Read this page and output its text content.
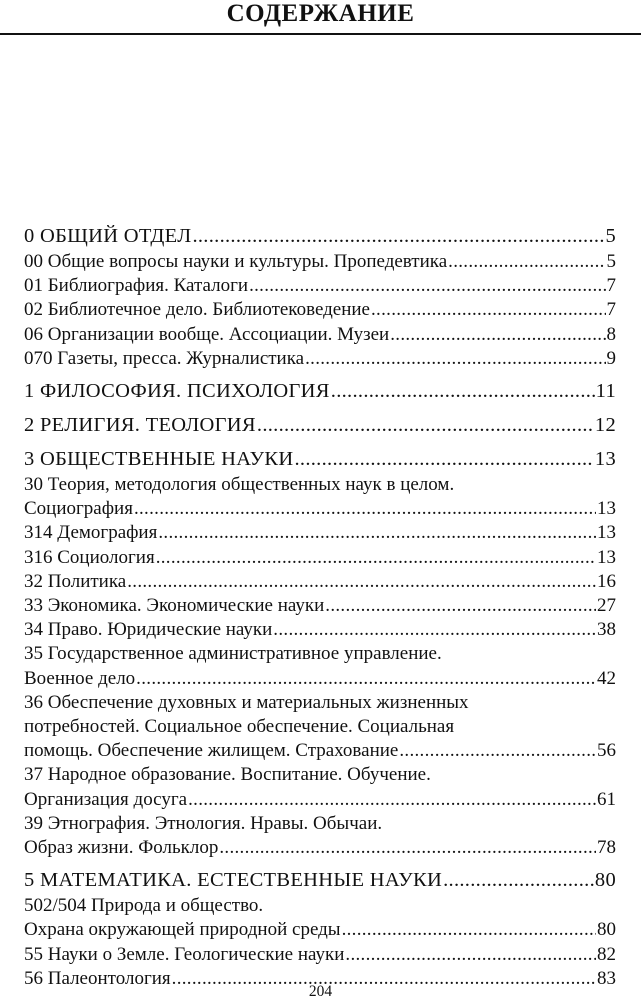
СОДЕРЖАНИЕ
0 ОБЩИЙ ОТДЕЛ .....	5
00 Общие вопросы науки и культуры. Пропедевтика .....	5
01 Библиография. Каталоги .....	7
02 Библиотечное дело. Библиотековедение .....	7
06 Организации вообще. Ассоциации. Музеи .....	8
070 Газеты, пресса. Журналистика .....	9
1 ФИЛОСОФИЯ. ПСИХОЛОГИЯ .....	11
2 РЕЛИГИЯ. ТЕОЛОГИЯ .....	12
3 ОБЩЕСТВЕННЫЕ НАУКИ .....	13
30 Теория, методология общественных наук в целом.
Социография .....	13
314 Демография .....	13
316 Социология .....	13
32 Политика .....	16
33 Экономика. Экономические науки .....	27
34 Право. Юридические науки .....	38
35 Государственное административное управление.
Военное дело .....	42
36 Обеспечение духовных и материальных жизненных
потребностей. Социальное обеспечение. Социальная
помощь. Обеспечение жилищем. Страхование .....	56
37 Народное образование. Воспитание. Обучение.
Организация досуга .....	61
39 Этнография. Этнология. Нравы. Обычаи.
Образ жизни. Фольклор .....	78
5 МАТЕМАТИКА. ЕСТЕСТВЕННЫЕ НАУКИ .....	80
502/504 Природа и общество.
Охрана окружающей природной среды .....	80
55 Науки о Земле. Геологические науки .....	82
56 Палеонтология .....	83

204
